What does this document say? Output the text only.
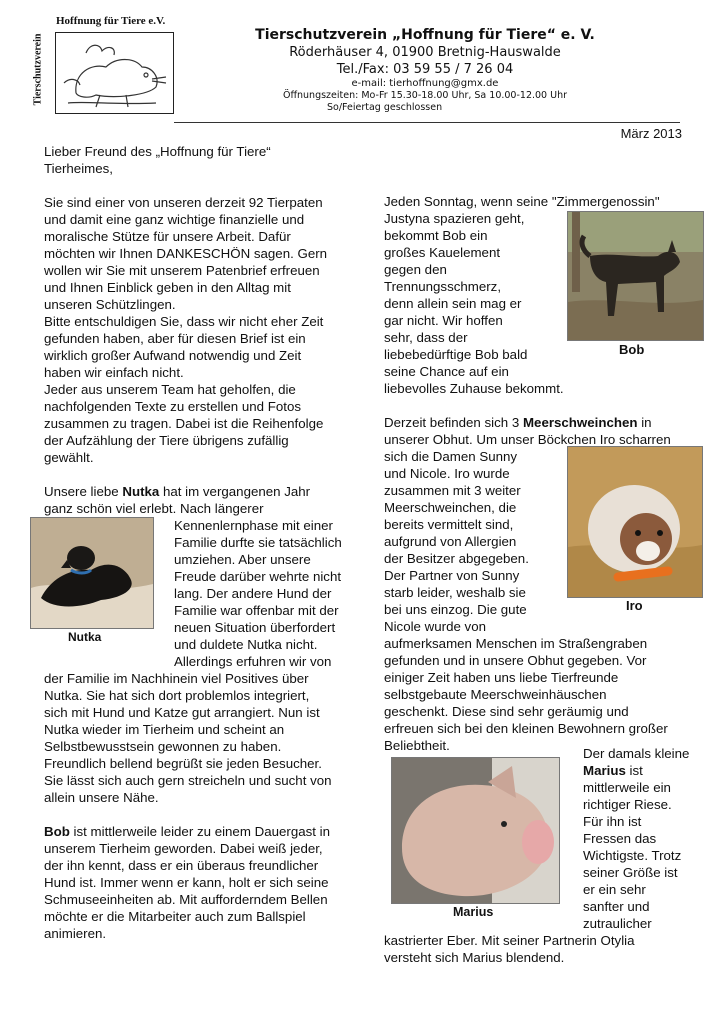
Hoffnung für Tiere e.V.
Tierschutzverein	Tierschutzverein „Hoffnung für Tiere“ e. V.
Röderhäuser 4, 01900 Bretnig-Hauswalde
Tel./Fax: 03 59 55 / 7 26 04
e-mail: tierhoffnung@gmx.de
Öffnungszeiten: Mo-Fr 15.30-18.00 Uhr, Sa 10.00-12.00 Uhr
So/Feiertag geschlossen
März 2013

Lieber Freund des „Hoffnung für Tiere“
Tierheimes,

Sie sind einer von unseren derzeit 92 Tierpaten
und damit eine ganz wichtige finanzielle und
moralische Stütze für unsere Arbeit. Dafür
möchten wir Ihnen DANKESCHÖN sagen. Gern
wollen wir Sie mit unserem Patenbrief erfreuen
und Ihnen Einblick geben in den Alltag mit
unseren Schützlingen.
Bitte entschuldigen Sie, dass wir nicht eher Zeit
gefunden haben, aber für diesen Brief ist ein
wirklich großer Aufwand notwendig und Zeit
haben wir einfach nicht.
Jeder aus unserem Team hat geholfen, die
nachfolgenden Texte zu erstellen und Fotos
zusammen zu tragen. Dabei ist die Reihenfolge
der Aufzählung der Tiere übrigens zufällig
gewählt.

Unsere liebe Nutka hat im vergangenen Jahr

ganz schön viel erlebt. Nach längerer

Kennenlernphase mit einer
Familie durfte sie tatsächlich
umziehen. Aber unsere
Freude darüber wehrte nicht
lang. Der andere Hund der
Familie war offenbar mit der
neuen Situation überfordert
und duldete Nutka nicht.
Allerdings erfuhren wir von

der Familie im Nachhinein viel Positives über
Nutka. Sie hat sich dort problemlos integriert,
sich mit Hund und Katze gut arrangiert. Nun ist
Nutka wieder im Tierheim und scheint an
Selbstbewusstsein gewonnen zu haben.
Freundlich bellend begrüßt sie jeden Besucher.
Sie lässt sich auch gern streicheln und sucht von
allein unsere Nähe.

Bob ist mittlerweile leider zu einem Dauergast in

unserem Tierheim geworden. Dabei weiß jeder,
der ihn kennt, dass er ein überaus freundlicher
Hund ist. Immer wenn er kann, holt er sich seine
Schmuseeinheiten ab. Mit aufforderndem Bellen
möchte er die Mitarbeiter auch zum Ballspiel
animieren.

Nutka

Jeden Sonntag, wenn seine "Zimmergenossin"

Justyna spazieren geht,
bekommt Bob ein
großes Kauelement
gegen den
Trennungsschmerz,
denn allein sein mag er
gar nicht. Wir hoffen
sehr, dass der
liebebedürftige Bob bald
seine Chance auf ein
liebevolles Zuhause bekommt.

Derzeit befinden sich 3 Meerschweinchen in

unserer Obhut. Um unser Böckchen Iro scharren

sich die Damen Sunny
und Nicole. Iro wurde
zusammen mit 3 weiter
Meerschweinchen, die
bereits vermittelt sind,
aufgrund von Allergien
der Besitzer abgegeben.
Der Partner von Sunny
starb leider, weshalb sie
bei uns einzog. Die gute
Nicole wurde von

aufmerksamen Menschen im Straßengraben
gefunden und in unsere Obhut gegeben. Vor
einiger Zeit haben uns liebe Tierfreunde
selbstgebaute Meerschweinhäuschen
geschenkt. Diese sind sehr geräumig und
erfreuen sich bei den kleinen Bewohnern großer
Beliebtheit.

Bob
Iro

Der damals kleine

Marius ist

mittlerweile ein
richtiger Riese.
Für ihn ist
Fressen das
Wichtigste. Trotz
seiner Größe ist
er ein sehr
sanfter und
zutraulicher

kastrierter Eber. Mit seiner Partnerin Otylia
versteht sich Marius blendend.

Marius
